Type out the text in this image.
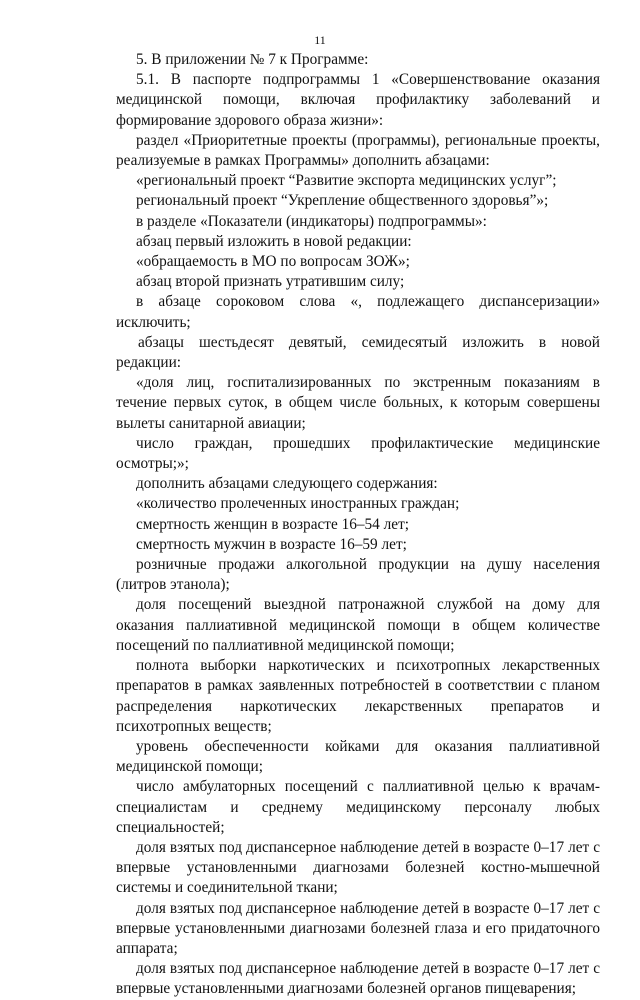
11

5. В приложении № 7 к Программе:

5.1. В паспорте подпрограммы 1 «Совершенствование оказания медицинской помощи, включая профилактику заболеваний и формирование здорового образа жизни»:

раздел «Приоритетные проекты (программы), региональные проекты, реализуемые в рамках Программы» дополнить абзацами:

«региональный проект “Развитие экспорта медицинских услуг”;

региональный проект “Укрепление общественного здоровья”»;

в разделе «Показатели (индикаторы) подпрограммы»:

абзац первый изложить в новой редакции:

«обращаемость в МО по вопросам ЗОЖ»;

абзац второй признать утратившим силу;

в абзаце сороковом слова «, подлежащего диспансеризации» исключить;

абзацы шестьдесят девятый, семидесятый изложить в новой редакции:

«доля лиц, госпитализированных по экстренным показаниям в течение первых суток, в общем числе больных, к которым совершены вылеты санитарной авиации;

число граждан, прошедших профилактические медицинские осмотры;»;

дополнить абзацами следующего содержания:

«количество пролеченных иностранных граждан;

смертность женщин в возрасте 16–54 лет;

смертность мужчин в возрасте 16–59 лет;

розничные продажи алкогольной продукции на душу населения (литров этанола);

доля посещений выездной патронажной службой на дому для оказания паллиативной медицинской помощи в общем количестве посещений по паллиативной медицинской помощи;

полнота выборки наркотических и психотропных лекарственных препаратов в рамках заявленных потребностей в соответствии с планом распределения наркотических лекарственных препаратов и психотропных веществ;

уровень обеспеченности койками для оказания паллиативной медицинской помощи;

число амбулаторных посещений с паллиативной целью к врачам-специалистам и среднему медицинскому персоналу любых специальностей;

доля взятых под диспансерное наблюдение детей в возрасте 0–17 лет с впервые установленными диагнозами болезней костно-мышечной системы и соединительной ткани;

доля взятых под диспансерное наблюдение детей в возрасте 0–17 лет с впервые установленными диагнозами болезней глаза и его придаточного аппарата;

доля взятых под диспансерное наблюдение детей в возрасте 0–17 лет с впервые установленными диагнозами болезней органов пищеварения;
